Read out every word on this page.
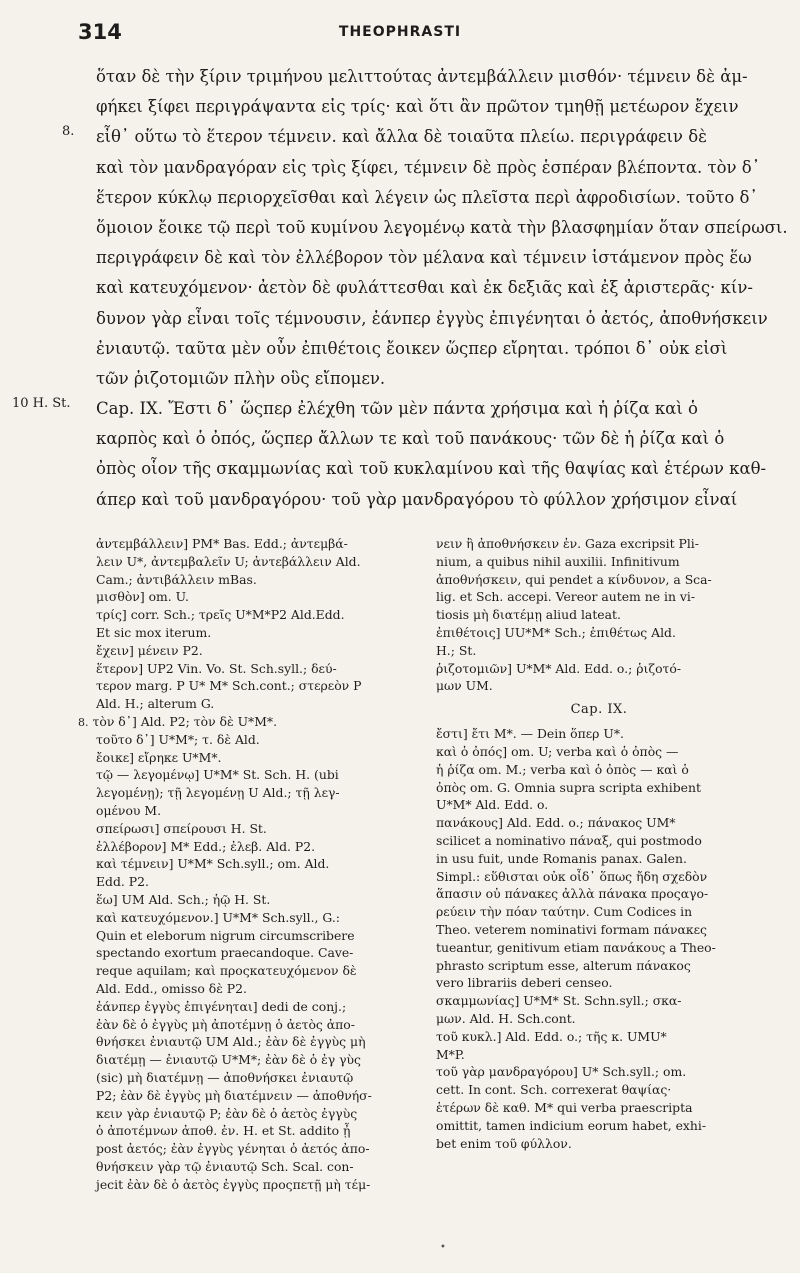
314	THEOPHRASTI
8.
10 H. St.
ὅταν δὲ τὴν ξίριν τριμήνου μελιττούτας ἀντεμβάλλειν μισθόν· τέμνειν δὲ ἀμ-
φήκει ξίφει περιγράψαντα εἰς τρίς· καὶ ὅτι ἂν πρῶτον τμηθῇ μετέωρον ἔχειν
εἶθ᾽ οὕτω τὸ ἕτερον τέμνειν. καὶ ἄλλα δὲ τοιαῦτα πλείω. περιγράφειν δὲ
καὶ τὸν μανδραγόραν εἰς τρὶς ξίφει, τέμνειν δὲ πρὸς ἑσπέραν βλέποντα. τὸν δ᾽
ἕτερον κύκλῳ περιορχεῖσθαι καὶ λέγειν ὡς πλεῖστα περὶ ἀφροδισίων. τοῦτο δ᾽
ὅμοιον ἔοικε τῷ περὶ τοῦ κυμίνου λεγομένῳ κατὰ τὴν βλασφημίαν ὅταν σπείρωσι.
περιγράφειν δὲ καὶ τὸν ἐλλέβορον τὸν μέλανα καὶ τέμνειν ἱστάμενον πρὸς ἕω
καὶ κατευχόμενον· ἀετὸν δὲ φυλάττεσθαι καὶ ἐκ δεξιᾶς καὶ ἐξ ἀριστερᾶς· κίν-
δυνον γὰρ εἶναι τοῖς τέμνουσιν, ἐάνπερ ἐγγὺς ἐπιγένηται ὁ ἀετός, ἀποθνήσκειν
ἐνιαυτῷ. ταῦτα μὲν οὖν ἐπιθέτοις ἔοικεν ὥςπερ εἴρηται. τρόποι δ᾽ οὐκ εἰσὶ
τῶν ῥιζοτομιῶν πλὴν οὓς εἴπομεν.
Cap. IX. Ἔστι δ᾽ ὥςπερ ἐλέχθη τῶν μὲν πάντα χρήσιμα καὶ ἡ ῥίζα καὶ ὁ
καρπὸς καὶ ὁ ὀπός, ὥςπερ ἄλλων τε καὶ τοῦ πανάκους· τῶν δὲ ἡ ῥίζα καὶ ὁ
ὀπὸς οἷον τῆς σκαμμωνίας καὶ τοῦ κυκλαμίνου καὶ τῆς θαψίας καὶ ἑτέρων καθ-
άπερ καὶ τοῦ μανδραγόρου· τοῦ γὰρ μανδραγόρου τὸ φύλλον χρήσιμον εἶναί
ἀντεμβάλλειν] PM* Bas. Edd.; ἀντεμβά-
λειν U*, ἀντεμβαλεῖν U; ἀντεβάλλειν Ald.
Cam.; ἀντιβάλλειν mBas.
μισθὸν] om. U.
τρίς] corr. Sch.; τρεῖς U*M*P2 Ald.Edd.
Et sic mox iterum.
ἔχειν] μένειν P2.
ἕτερον] UP2 Vin. Vo. St. Sch.syll.; δεύ-
τερον marg. P U* M* Sch.cont.; στερεὸν P
Ald. H.; alterum G.
8. τὸν δ᾽] Ald. P2; τὸν δὲ U*M*.
τοῦτο δ᾽] U*M*; τ. δὲ Ald.
ἔοικε] εἴρηκε U*M*.
τῷ — λεγομένῳ] U*M* St. Sch. H. (ubi
λεγομένῃ); τῇ λεγομένῃ U Ald.; τῇ λεγ-
ομένου M.
σπείρωσι] σπείρουσι H. St.
ἐλλέβορον] M* Edd.; ἐλεβ. Ald. P2.
καὶ τέμνειν] U*M* Sch.syll.; om. Ald.
Edd. P2.
ἕω] UM Ald. Sch.; ἡῷ H. St.
καὶ κατευχόμενον.] U*M* Sch.syll., G.:
Quin et eleborum nigrum circumscribere
spectando exortum praecandoque. Cave-
reque aquilam; καὶ προςκατευχόμενον δὲ
Ald. Edd., omisso δὲ P2.
ἐάνπερ ἐγγὺς ἐπιγένηται] dedi de conj.;
ἐὰν δὲ ὁ ἐγγὺς μὴ ἀποτέμνῃ ὁ ἀετὸς ἀπο-
θνήσκει ἐνιαυτῷ UM Ald.; ἐὰν δὲ ἐγγὺς μὴ
διατέμῃ — ἐνιαυτῷ U*M*; ἐὰν δὲ ὁ ἐγ γὺς
(sic) μὴ διατέμνῃ — ἀποθνήσκει ἐνιαυτῷ
P2; ἐὰν δὲ ἐγγὺς μὴ διατέμνειν — ἀποθνήσ-
κειν γὰρ ἐνιαυτῷ P; ἐὰν δὲ ὁ ἀετὸς ἐγγὺς
ὁ ἀποτέμνων ἀποθ. ἐν. H. et St. addito ᾖ
post ἀετός; ἐὰν ἐγγὺς γένηται ὁ ἀετός ἀπο-
θνήσκειν γὰρ τῷ ἐνιαυτῷ Sch. Scal. con-
jecit ἐὰν δὲ ὁ ἀετὸς ἐγγὺς προςπετῇ μὴ τέμ-
νειν ἢ ἀποθνήσκειν ἐν. Gaza excripsit Pli-
nium, a quibus nihil auxilii. Infinitivum
ἀποθνήσκειν, qui pendet a κίνδυνον, a Sca-
lig. et Sch. accepi. Vereor autem ne in vi-
tiosis μὴ διατέμῃ aliud lateat.
ἐπιθέτοις] UU*M* Sch.; ἐπιθέτως Ald.
H.; St.
ῥιζοτομιῶν] U*M* Ald. Edd. o.; ῥιζοτό-
μων UM.
Cap. IX.
ἔστι] ἔτι M*. — Dein ὅπερ U*.
καὶ ὁ ὀπός] om. U; verba καὶ ὁ ὀπὸς —
ἡ ῥίζα om. M.; verba καὶ ὁ ὀπὸς — καὶ ὁ
ὀπὸς om. G. Omnia supra scripta exhibent
U*M* Ald. Edd. o.
πανάκους] Ald. Edd. o.; πάνακος UM*
scilicet a nominativo πάναξ, qui postmodo
in usu fuit, unde Romanis panax. Galen.
Simpl.: εὕθισται οὐκ οἶδ᾽ ὅπως ἤδη σχεδὸν
ἅπασιν οὐ πάνακες ἀλλὰ πάνακα προςαγο-
ρεύειν τὴν πόαν ταύτην. Cum Codices in
Theo. veterem nominativi formam πάνακες
tueantur, genitivum etiam πανάκους a Theo-
phrasto scriptum esse, alterum πάνακος
vero librariis deberi censeo.
σκαμμωνίας] U*M* St. Schn.syll.; σκα-
μων. Ald. H. Sch.cont.
τοῦ κυκλ.] Ald. Edd. o.; τῆς κ. UMU*
M*P.
τοῦ γὰρ μανδραγόρου] U* Sch.syll.; om.
cett. In cont. Sch. correxerat θαψίας·
ἑτέρων δὲ καθ. M* qui verba praescripta
omittit, tamen indicium eorum habet, exhi-
bet enim τοῦ φύλλον.
•
